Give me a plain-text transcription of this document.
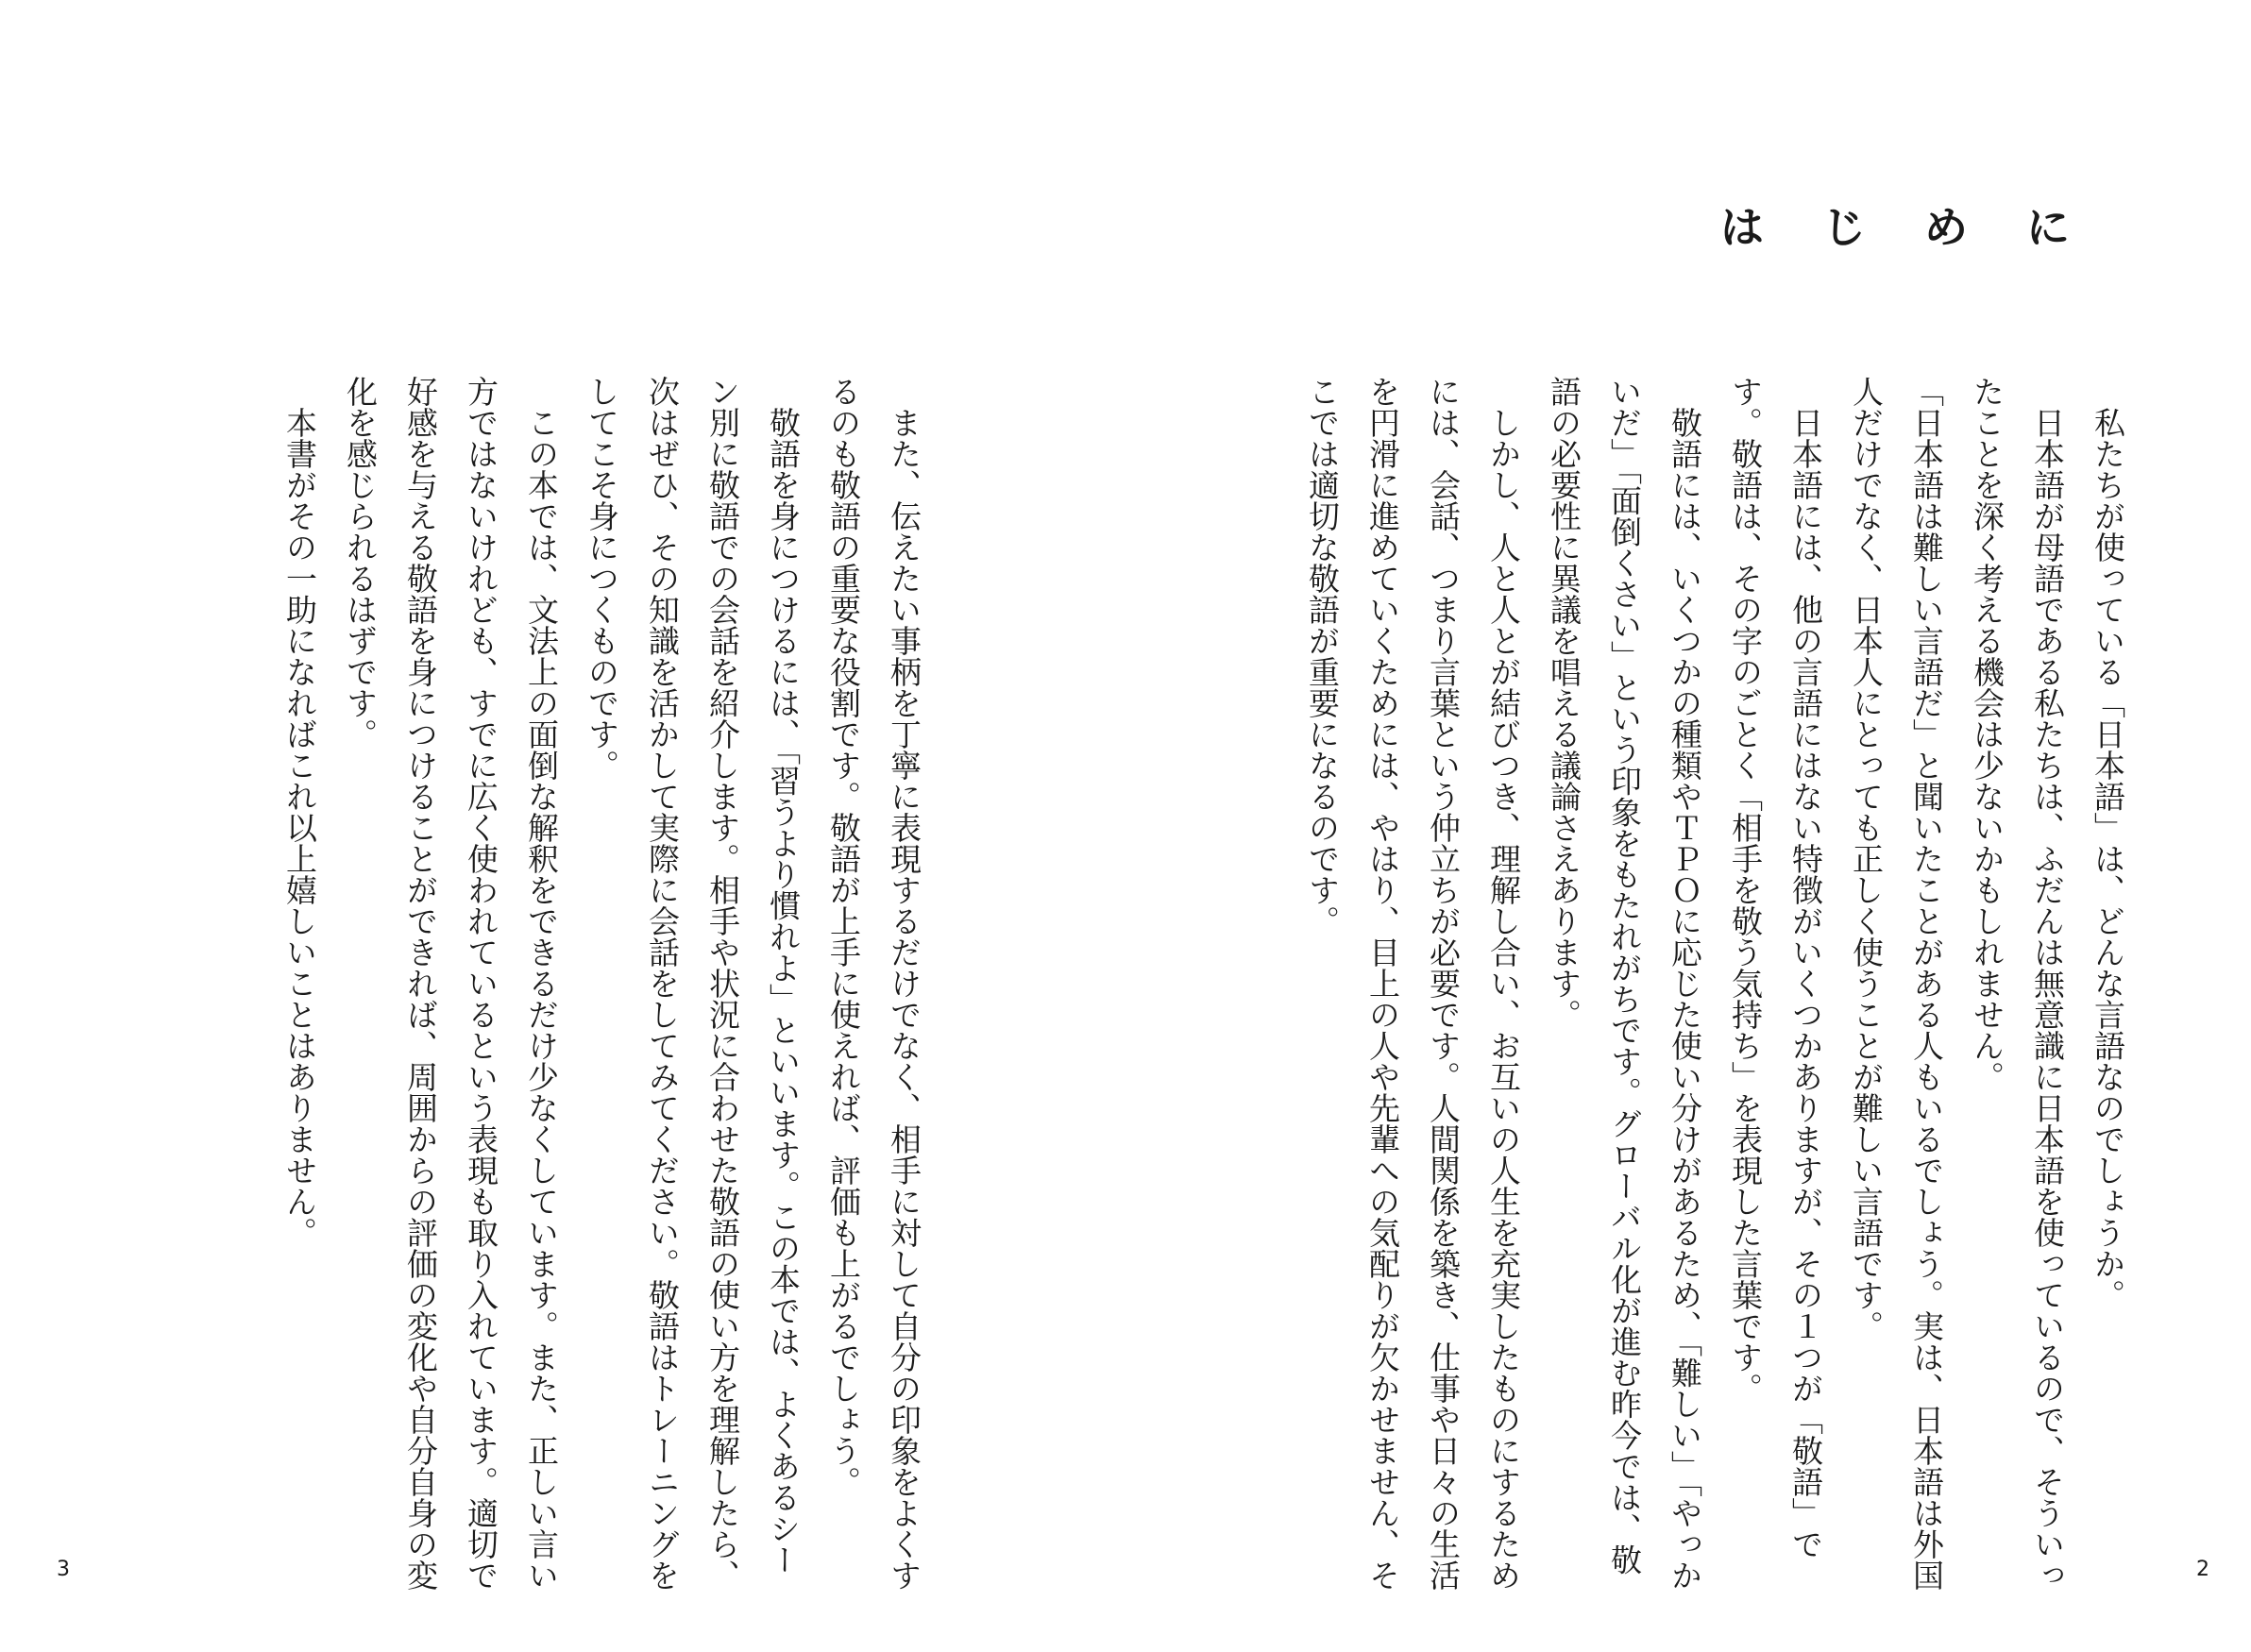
はじめに

私たちが使っている「日本語」は、どんな言語なのでしょうか。

日本語が母語である私たちは、ふだんは無意識に日本語を使っているので、そういったことを深く考える機会は少ないかもしれません。

「日本語は難しい言語だ」と聞いたことがある人もいるでしょう。実は、日本語は外国人だけでなく、日本人にとっても正しく使うことが難しい言語です。

日本語には、他の言語にはない特徴がいくつかありますが、その１つが「敬語」です。敬語は、その字のごとく「相手を敬う気持ち」を表現した言葉です。

敬語には、いくつかの種類やＴＰＯに応じた使い分けがあるため、「難しい」「やっかいだ」「面倒くさい」という印象をもたれがちです。グローバル化が進む昨今では、敬語の必要性に異議を唱える議論さえあります。

しかし、人と人とが結びつき、理解し合い、お互いの人生を充実したものにするためには、会話、つまり言葉という仲立ちが必要です。人間関係を築き、仕事や日々の生活を円滑に進めていくためには、やはり、目上の人や先輩への気配りが欠かせません、そこでは適切な敬語が重要になるのです。

また、伝えたい事柄を丁寧に表現するだけでなく、相手に対して自分の印象をよくするのも敬語の重要な役割です。敬語が上手に使えれば、評価も上がるでしょう。

敬語を身につけるには、「習うより慣れよ」といいます。この本では、よくあるシーン別に敬語での会話を紹介します。相手や状況に合わせた敬語の使い方を理解したら、次はぜひ、その知識を活かして実際に会話をしてみてください。敬語はトレーニングをしてこそ身につくものです。

この本では、文法上の面倒な解釈をできるだけ少なくしています。また、正しい言い方ではないけれども、すでに広く使われているという表現も取り入れています。適切で好感を与える敬語を身につけることができれば、周囲からの評価の変化や自分自身の変化を感じられるはずです。

本書がその一助になればこれ以上嬉しいことはありません。

2
3
